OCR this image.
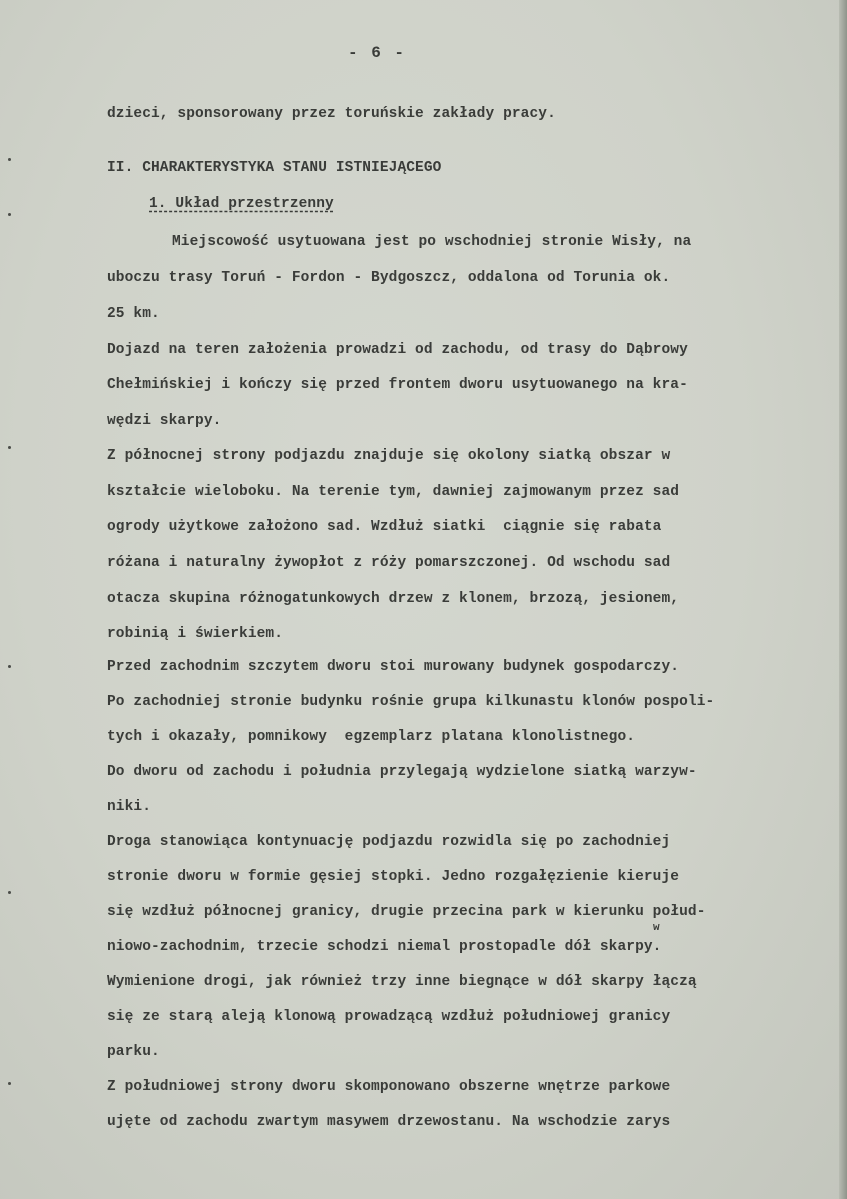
- 6 -
dzieci, sponsorowany przez toruńskie zakłady pracy.
II. CHARAKTERYSTYKA STANU ISTNIEJĄCEGO
1. Układ przestrzenny
Miejscowość usytuowana jest po wschodniej stronie Wisły, na
uboczu trasy Toruń - Fordon - Bydgoszcz, oddalona od Torunia ok.
25 km.
Dojazd na teren założenia prowadzi od zachodu, od trasy do Dąbrowy
Chełmińskiej i kończy się przed frontem dworu usytuowanego na kra-
wędzi skarpy.
Z północnej strony podjazdu znajduje się okolony siatką obszar w
kształcie wieloboku. Na terenie tym, dawniej zajmowanym przez sad
ogrody użytkowe założono sad. Wzdłuż siatki  ciągnie się rabata
różana i naturalny żywopłot z róży pomarszczonej. Od wschodu sad
otacza skupina różnogatunkowych drzew z klonem, brzozą, jesionem,
robinią i świerkiem.
Przed zachodnim szczytem dworu stoi murowany budynek gospodarczy.
Po zachodniej stronie budynku rośnie grupa kilkunastu klonów pospoli-
tych i okazały, pomnikowy  egzemplarz platana klonolistnego.
Do dworu od zachodu i południa przylegają wydzielone siatką warzyw-
niki.
Droga stanowiąca kontynuację podjazdu rozwidla się po zachodniej
stronie dworu w formie gęsiej stopki. Jedno rozgałęzienie kieruje
się wzdłuż północnej granicy, drugie przecina park w kierunku połud-
w
niowo-zachodnim, trzecie schodzi niemal prostopadle dół skarpy.
Wymienione drogi, jak również trzy inne biegnące w dół skarpy łączą
się ze starą aleją klonową prowadzącą wzdłuż południowej granicy
parku.
Z południowej strony dworu skomponowano obszerne wnętrze parkowe
ujęte od zachodu zwartym masywem drzewostanu. Na wschodzie zarys
